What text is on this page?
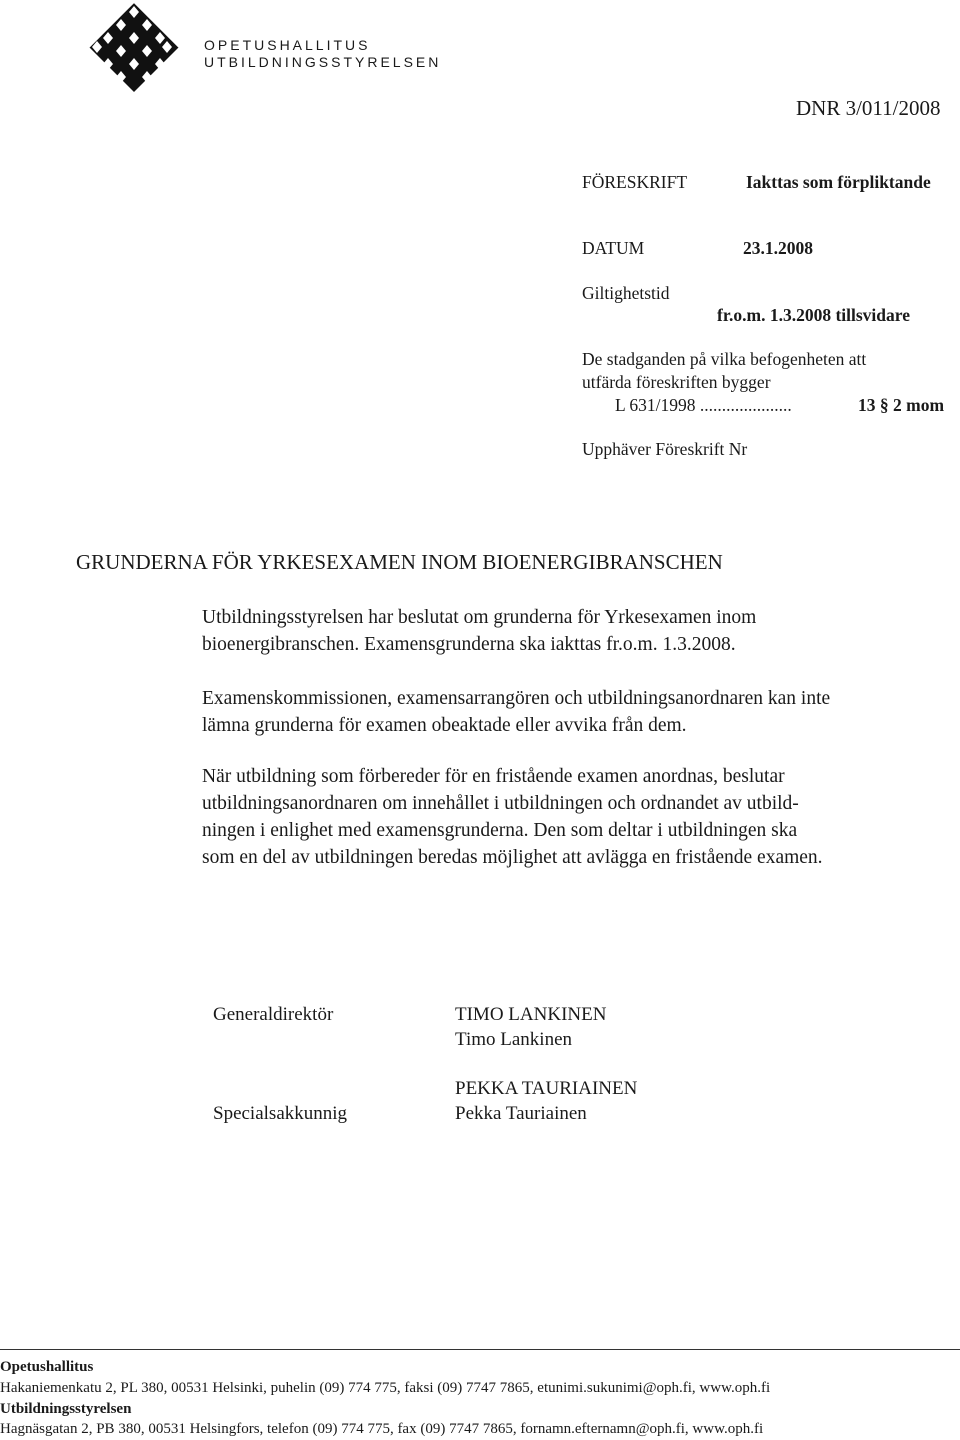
OPETUSHALLITUS
UTBILDNINGSSTYRELSEN
DNR 3/011/2008
FÖRESKRIFT	Iakttas som förpliktande
DATUM	23.1.2008
Giltighetstid
fr.o.m. 1.3.2008 tillsvidare
De stadganden på vilka befogenheten att
utfärda föreskriften bygger
L 631/1998 .....................	13 § 2 mom
Upphäver Föreskrift Nr
GRUNDERNA FÖR YRKESEXAMEN INOM BIOENERGIBRANSCHEN
Utbildningsstyrelsen har beslutat om grunderna för Yrkesexamen inom
bioenergibranschen. Examensgrunderna ska iakttas fr.o.m. 1.3.2008.
Examenskommissionen, examensarrangören och utbildningsanordnaren kan inte
lämna grunderna för examen obeaktade eller avvika från dem.
När utbildning som förbereder för en fristående examen anordnas, beslutar
utbildningsanordnaren om innehållet i utbildningen och ordnandet av utbild-
ningen i enlighet med examensgrunderna. Den som deltar i utbildningen ska
som en del av utbildningen beredas möjlighet att avlägga en fristående examen.
Generaldirektör	TIMO LANKINEN
Timo Lankinen
PEKKA TAURIAINEN
Specialsakkunnig	Pekka Tauriainen
Opetushallitus
Hakaniemenkatu 2, PL 380, 00531 Helsinki, puhelin (09) 774 775, faksi (09) 7747 7865, etunimi.sukunimi@oph.fi, www.oph.fi
Utbildningsstyrelsen
Hagnäsgatan 2, PB 380, 00531 Helsingfors, telefon (09) 774 775, fax (09) 7747 7865, fornamn.efternamn@oph.fi, www.oph.fi
